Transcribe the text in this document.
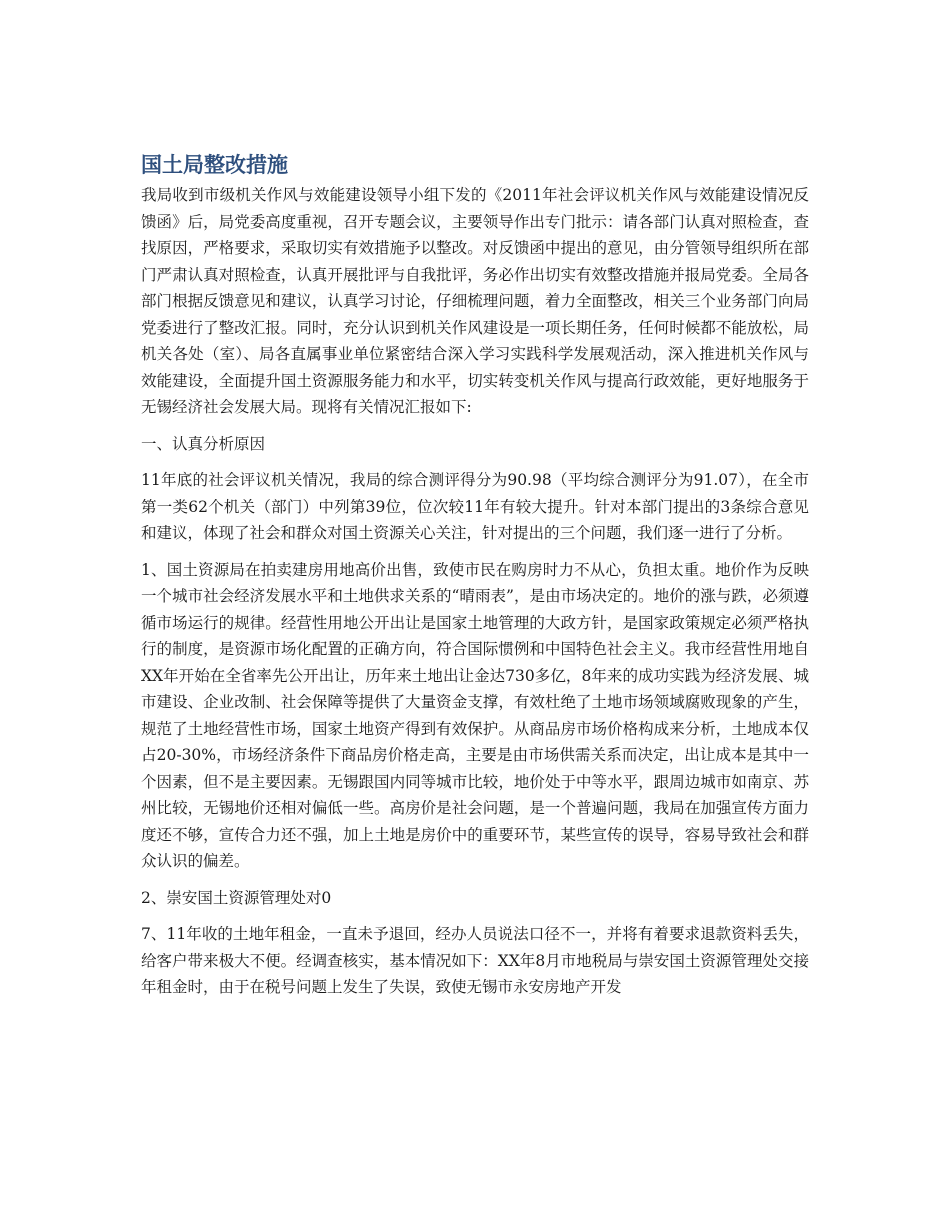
国土局整改措施

我局收到市级机关作风与效能建设领导小组下发的《2011年社会评议机关作风与效能建设情况反馈函》后，局党委高度重视，召开专题会议，主要领导作出专门批示：请各部门认真对照检查，查找原因，严格要求，采取切实有效措施予以整改。对反馈函中提出的意见，由分管领导组织所在部门严肃认真对照检查，认真开展批评与自我批评，务必作出切实有效整改措施并报局党委。全局各部门根据反馈意见和建议，认真学习讨论，仔细梳理问题，着力全面整改，相关三个业务部门向局党委进行了整改汇报。同时，充分认识到机关作风建设是一项长期任务，任何时候都不能放松，局机关各处（室）、局各直属事业单位紧密结合深入学习实践科学发展观活动，深入推进机关作风与效能建设，全面提升国土资源服务能力和水平，切实转变机关作风与提高行政效能，更好地服务于无锡经济社会发展大局。现将有关情况汇报如下:

一、认真分析原因

11年底的社会评议机关情况，我局的综合测评得分为90.98（平均综合测评分为91.07），在全市第一类62个机关（部门）中列第39位，位次较11年有较大提升。针对本部门提出的3条综合意见和建议，体现了社会和群众对国土资源关心关注，针对提出的三个问题，我们逐一进行了分析。

1、国土资源局在拍卖建房用地高价出售，致使市民在购房时力不从心，负担太重。地价作为反映一个城市社会经济发展水平和土地供求关系的“晴雨表”，是由市场决定的。地价的涨与跌，必须遵循市场运行的规律。经营性用地公开出让是国家土地管理的大政方针，是国家政策规定必须严格执行的制度，是资源市场化配置的正确方向，符合国际惯例和中国特色社会主义。我市经营性用地自XX年开始在全省率先公开出让，历年来土地出让金达730多亿，8年来的成功实践为经济发展、城市建设、企业改制、社会保障等提供了大量资金支撑，有效杜绝了土地市场领域腐败现象的产生，规范了土地经营性市场，国家土地资产得到有效保护。从商品房市场价格构成来分析，土地成本仅占20-30%，市场经济条件下商品房价格走高，主要是由市场供需关系而决定，出让成本是其中一个因素，但不是主要因素。无锡跟国内同等城市比较，地价处于中等水平，跟周边城市如南京、苏州比较，无锡地价还相对偏低一些。高房价是社会问题，是一个普遍问题，我局在加强宣传方面力度还不够，宣传合力还不强，加上土地是房价中的重要环节，某些宣传的误导，容易导致社会和群众认识的偏差。

2、崇安国土资源管理处对0

7、11年收的土地年租金，一直未予退回，经办人员说法口径不一，并将有着要求退款资料丢失，给客户带来极大不便。经调查核实，基本情况如下：XX年8月市地税局与崇安国土资源管理处交接年租金时，由于在税号问题上发生了失误，致使无锡市永安房地产开发
